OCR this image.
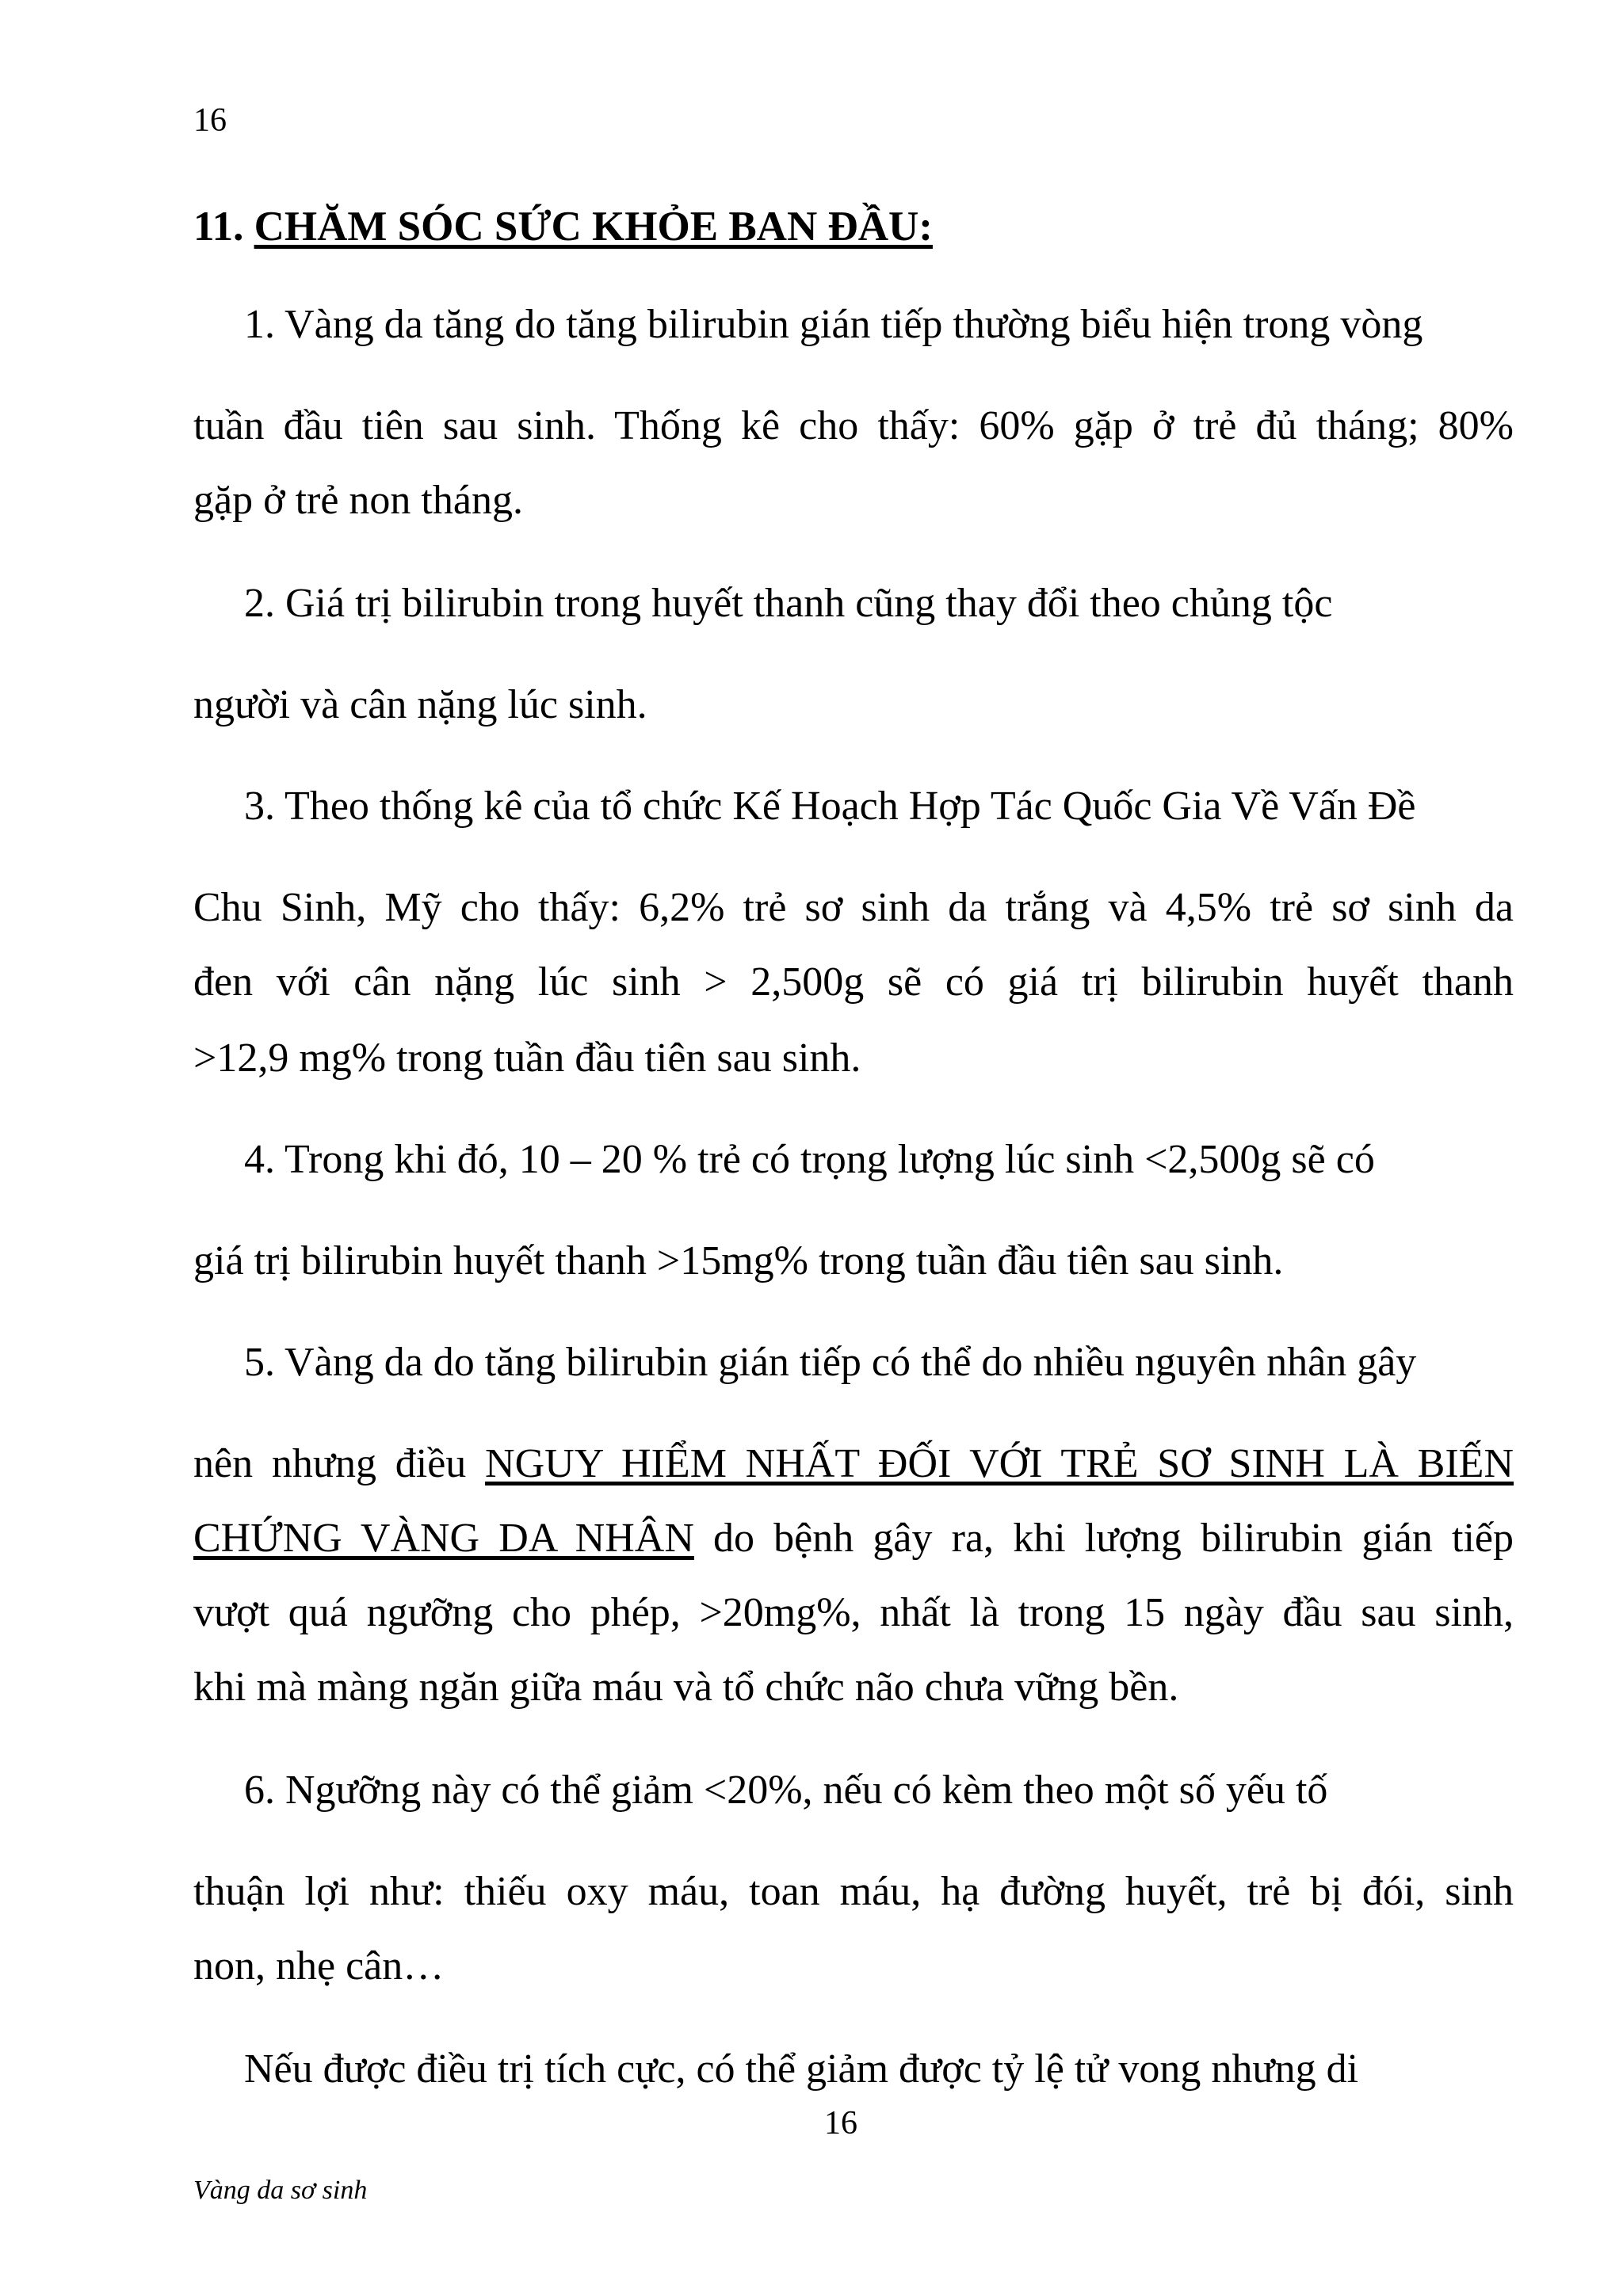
16

11. CHĂM SÓC SỨC KHỎE BAN ĐẦU:

1. Vàng da tăng do tăng bilirubin gián tiếp thường biểu hiện trong vòng

tuần đầu tiên sau sinh. Thống kê cho thấy: 60% gặp ở trẻ đủ tháng; 80%

gặp ở trẻ non tháng.

2. Giá trị bilirubin trong huyết thanh cũng thay đổi theo chủng tộc

người và cân nặng lúc sinh.

3. Theo thống kê của tổ chức Kế Hoạch Hợp Tác Quốc Gia Về Vấn Đề

Chu Sinh, Mỹ cho thấy: 6,2% trẻ sơ sinh da trắng và 4,5% trẻ sơ sinh da

đen với cân nặng lúc sinh > 2,500g sẽ có giá trị bilirubin huyết thanh

>12,9 mg% trong tuần đầu tiên sau sinh.

4. Trong khi đó, 10 – 20 % trẻ có trọng lượng lúc sinh <2,500g sẽ có

giá trị bilirubin huyết thanh >15mg% trong tuần đầu tiên sau sinh.

5. Vàng da do tăng bilirubin gián tiếp có thể do nhiều nguyên nhân gây

nên nhưng điều NGUY HIỂM NHẤT ĐỐI VỚI TRẺ SƠ SINH LÀ BIẾN

CHỨNG VÀNG DA NHÂN do bệnh gây ra, khi lượng bilirubin gián tiếp

vượt quá ngưỡng cho phép, >20mg%, nhất là trong 15 ngày đầu sau sinh,

khi mà màng ngăn giữa máu và tổ chức não chưa vững bền.

6. Ngưỡng này có thể giảm <20%, nếu có kèm theo một số yếu tố

thuận lợi như: thiếu oxy máu, toan máu, hạ đường huyết, trẻ bị đói, sinh

non, nhẹ cân…

Nếu được điều trị tích cực, có thể giảm được tỷ lệ tử vong nhưng di

16

Vàng da sơ sinh
